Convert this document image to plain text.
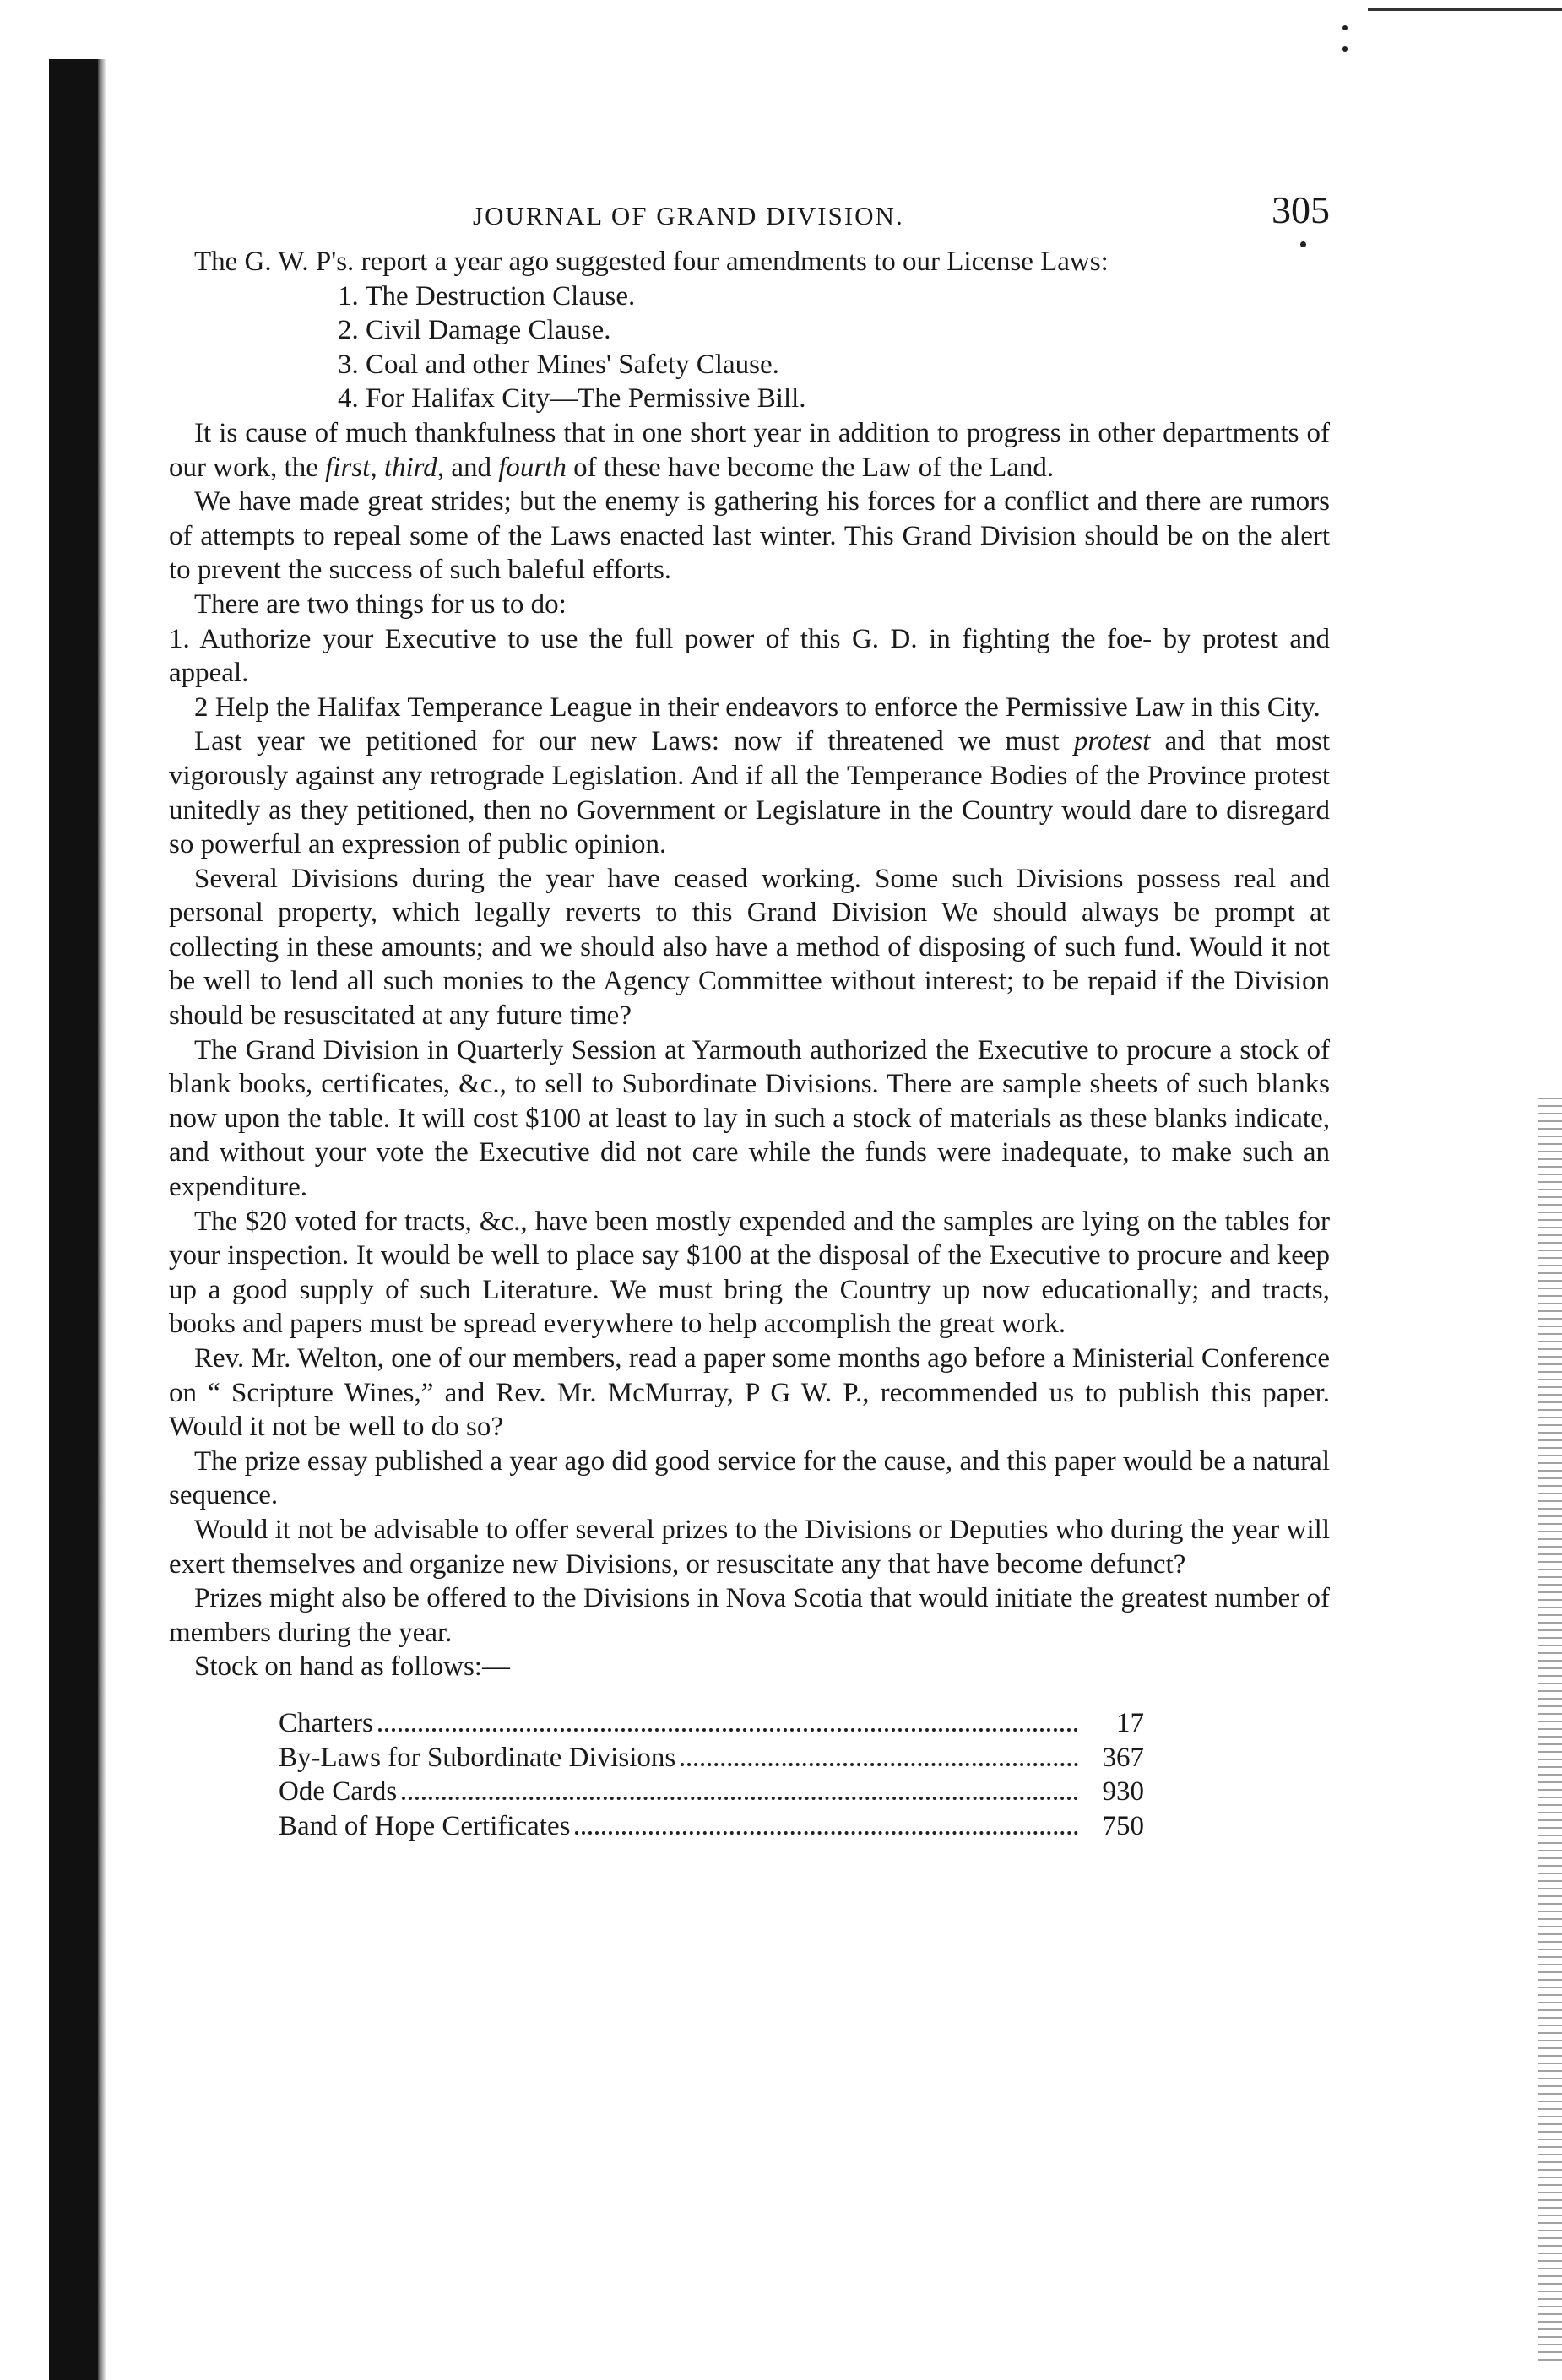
JOURNAL OF GRAND DIVISION.	305

The G. W. P's. report a year ago suggested four amendments to our License Laws:

1. The Destruction Clause.

2. Civil Damage Clause.

3. Coal and other Mines' Safety Clause.

4. For Halifax City—The Permissive Bill.

It is cause of much thankfulness that in one short year in addition to progress in other departments of our work, the first, third, and fourth of these have become the Law of the Land.

We have made great strides; but the enemy is gathering his forces for a conflict and there are rumors of attempts to repeal some of the Laws enacted last winter. This Grand Division should be on the alert to prevent the success of such baleful efforts.

There are two things for us to do:

1. Authorize your Executive to use the full power of this G. D. in fighting the foe- by protest and appeal.

2 Help the Halifax Temperance League in their endeavors to enforce the Permissive Law in this City.

Last year we petitioned for our new Laws: now if threatened we must protest and that most vigorously against any retrograde Legislation. And if all the Temperance Bodies of the Province protest unitedly as they petitioned, then no Government or Legislature in the Country would dare to disregard so powerful an expression of public opinion.

Several Divisions during the year have ceased working. Some such Divisions possess real and personal property, which legally reverts to this Grand Division We should always be prompt at collecting in these amounts; and we should also have a method of disposing of such fund. Would it not be well to lend all such monies to the Agency Committee without interest; to be repaid if the Division should be resuscitated at any future time?

The Grand Division in Quarterly Session at Yarmouth authorized the Executive to procure a stock of blank books, certificates, &c., to sell to Subordinate Divisions. There are sample sheets of such blanks now upon the table. It will cost $100 at least to lay in such a stock of materials as these blanks indicate, and without your vote the Executive did not care while the funds were inadequate, to make such an expenditure.

The $20 voted for tracts, &c., have been mostly expended and the samples are lying on the tables for your inspection. It would be well to place say $100 at the disposal of the Executive to procure and keep up a good supply of such Literature. We must bring the Country up now educationally; and tracts, books and papers must be spread everywhere to help accomplish the great work.

Rev. Mr. Welton, one of our members, read a paper some months ago before a Ministerial Conference on “ Scripture Wines,” and Rev. Mr. McMurray, P G W. P., recommended us to publish this paper. Would it not be well to do so?

The prize essay published a year ago did good service for the cause, and this paper would be a natural sequence.

Would it not be advisable to offer several prizes to the Divisions or Deputies who during the year will exert themselves and organize new Divisions, or resuscitate any that have become defunct?

Prizes might also be offered to the Divisions in Nova Scotia that would initiate the greatest number of members during the year.

Stock on hand as follows:—

Charters	17
By-Laws for Subordinate Divisions	367
Ode Cards	930
Band of Hope Certificates	750
